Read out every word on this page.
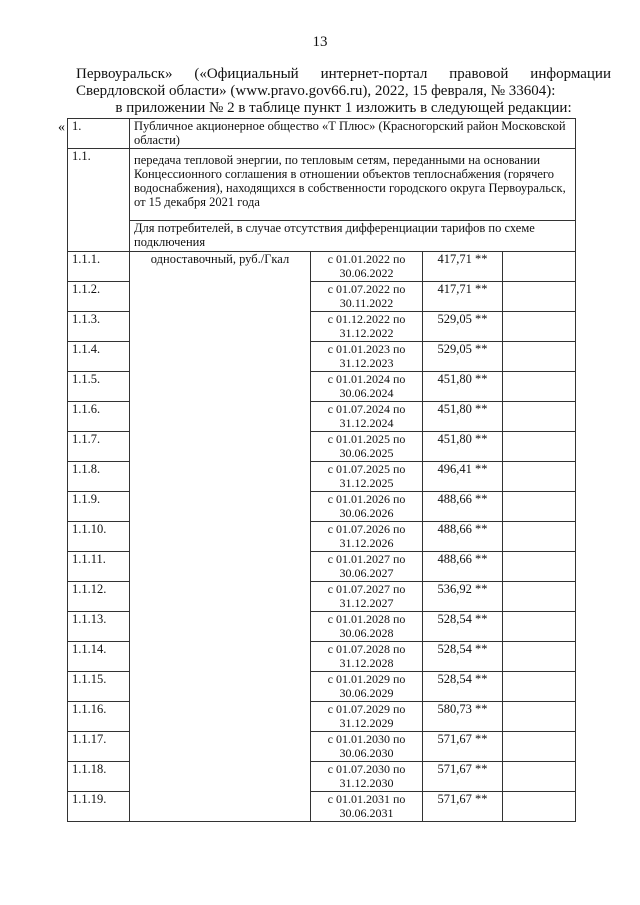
13
Первоуральск» («Официальный интернет-портал правовой информации
Свердловской области» (www.pravo.gov66.ru), 2022, 15 февраля, № 33604):
в приложении № 2 в таблице пункт 1 изложить в следующей редакции:
« 1.	Публичное акционерное общество «Т Плюс» (Красногорский район Московской области)			
1.1.	передача тепловой энергии, по тепловым сетям, переданными на основании Концессионного соглашения в отношении объектов теплоснабжения (горячего водоснабжения), находящихся в собственности городского округа Первоуральск, от 15 декабря 2021 года			
	Для потребителей, в случае отсутствия дифференциации тарифов по схеме подключения			
1.1.1.	одноставочный, руб./Гкал	с 01.01.2022 по 30.06.2022	417,71 **	
1.1.2.		с 01.07.2022 по 30.11.2022	417,71 **	
1.1.3.		с 01.12.2022 по 31.12.2022	529,05 **	
1.1.4.		с 01.01.2023 по 31.12.2023	529,05 **	
1.1.5.		с 01.01.2024 по 30.06.2024	451,80 **	
1.1.6.		с 01.07.2024 по 31.12.2024	451,80 **	
1.1.7.		с 01.01.2025 по 30.06.2025	451,80 **	
1.1.8.		с 01.07.2025 по 31.12.2025	496,41 **	
1.1.9.		с 01.01.2026 по 30.06.2026	488,66 **	
1.1.10.		с 01.07.2026 по 31.12.2026	488,66 **	
1.1.11.		с 01.01.2027 по 30.06.2027	488,66 **	
1.1.12.		с 01.07.2027 по 31.12.2027	536,92 **	
1.1.13.		с 01.01.2028 по 30.06.2028	528,54 **	
1.1.14.		с 01.07.2028 по 31.12.2028	528,54 **	
1.1.15.		с 01.01.2029 по 30.06.2029	528,54 **	
1.1.16.		с 01.07.2029 по 31.12.2029	580,73 **	
1.1.17.		с 01.01.2030 по 30.06.2030	571,67 **	
1.1.18.		с 01.07.2030 по 31.12.2030	571,67 **	
1.1.19.		с 01.01.2031 по 30.06.2031	571,67 **	
